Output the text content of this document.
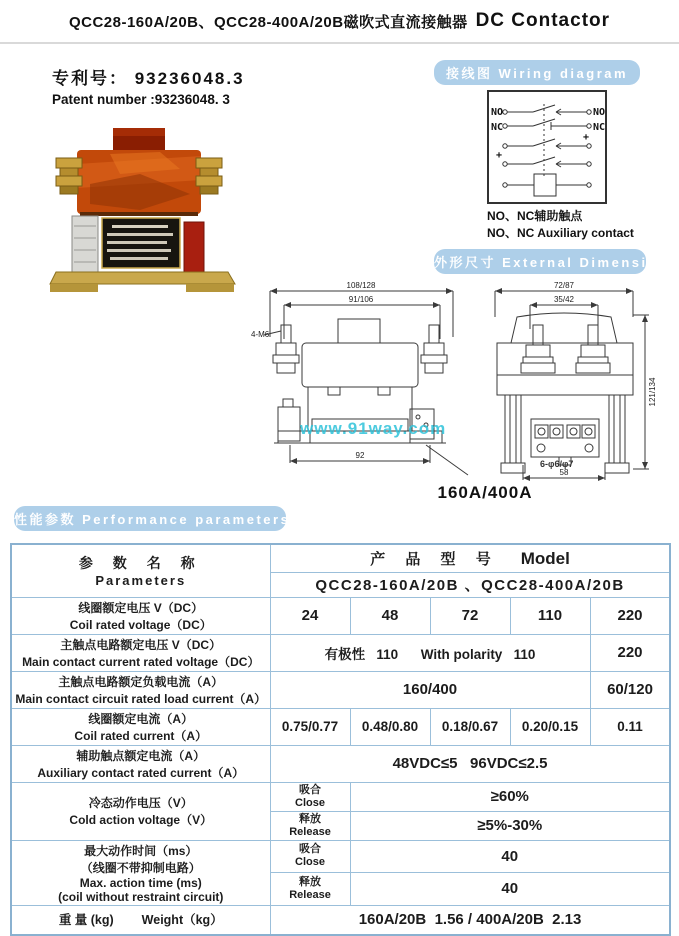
QCC28-160A/20B、QCC28-400A/20B磁吹式直流接触器 DC Contactor
专利号： 93236048.3
Patent number :93236048. 3
接线图 Wiring diagram
NO
NC
NO
NC
+
+
NO、NC辅助触点
NO、NC Auxiliary contact
外形尺寸 External Dimensions
108/128
91/106
4-M6
92
6-φ6/φ7
72/87
35/42
121/134
58
www.91way.com
160A/400A
性能参数 Performance parameters
参 数 名 称
Parameters	产 品 型 号 Model				
	QCC28-160A/20B 、QCC28-400A/20B				

线圈额定电压 V（DC）
Coil rated voltage（DC）	24	48	72	110	220

主触点电路额定电压 V（DC）
Main contact current rated voltage（DC）	有极性   110      With polarity   110				220

主触点电路额定负载电流（A）
Main contact circuit rated load current（A）	160/400				60/120

线圈额定电流（A）
Coil rated current（A）	0.75/0.77	0.48/0.80	0.18/0.67	0.20/0.15	0.11

辅助触点额定电流（A）
Auxiliary contact rated current（A）	48VDC≤5   96VDC≤2.5				

冷态动作电压（V）
Cold action voltage（V）

吸合
Close	≥60%

	释放
Release	≥5%-30%			

最大动作时间（ms）
（线圈不带抑制电路）
Max. action time (ms)
(coil without restraint circuit)

吸合
Close	40

	释放
Release	40			
重 量 (kg) Weight（kg）	160A/20B  1.56 / 400A/20B  2.13				
